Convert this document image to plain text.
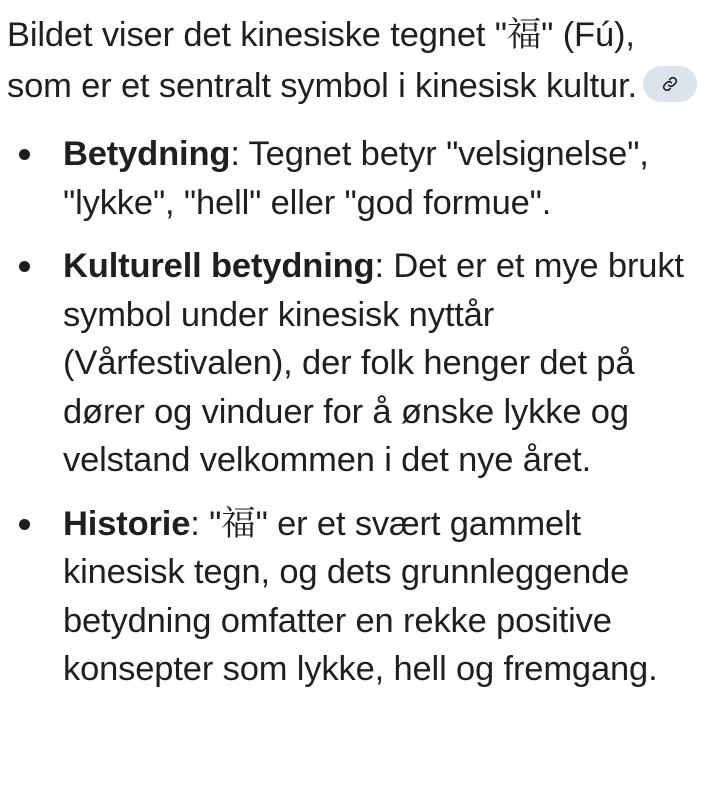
Bildet viser det kinesiske tegnet "福" (Fú), som er et sentralt symbol i kinesisk kultur.

Betydning: Tegnet betyr "velsignelse", "lykke", "hell" eller "god formue".
Kulturell betydning: Det er et mye brukt symbol under kinesisk nyttår (Vårfestivalen), der folk henger det på dører og vinduer for å ønske lykke og velstand velkommen i det nye året.
Historie: "福" er et svært gammelt kinesisk tegn, og dets grunnleggende betydning omfatter en rekke positive konsepter som lykke, hell og fremgang.
